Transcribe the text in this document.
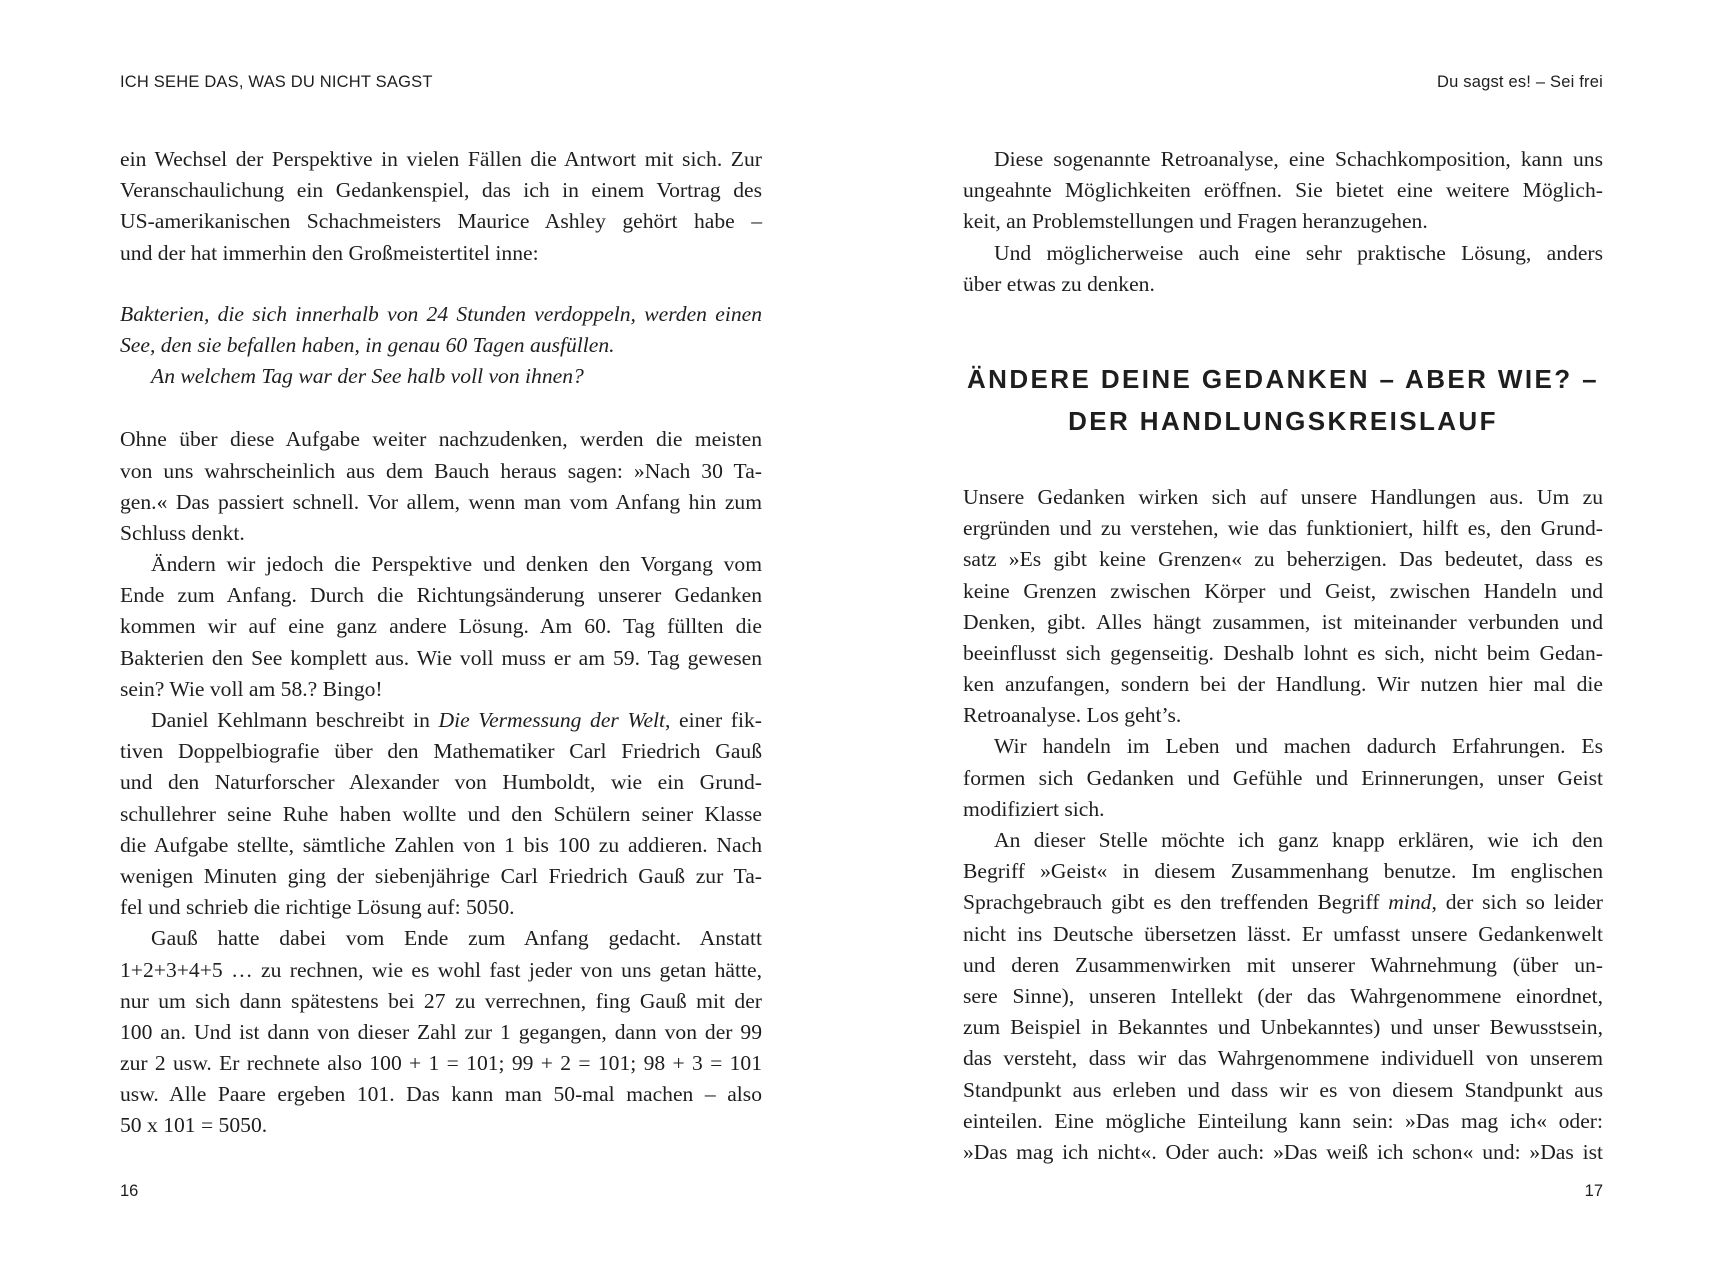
ICH SEHE DAS, WAS DU NICHT SAGST
ein Wechsel der Perspektive in vielen Fällen die Antwort mit sich. Zur
Veranschaulichung ein Gedankenspiel, das ich in einem Vortrag des
US-amerikanischen Schachmeisters Maurice Ashley gehört habe –
und der hat immerhin den Großmeistertitel inne:
Bakterien, die sich innerhalb von 24 Stunden verdoppeln, werden einen
See, den sie befallen haben, in genau 60 Tagen ausfüllen.
An welchem Tag war der See halb voll von ihnen?
Ohne über diese Aufgabe weiter nachzudenken, werden die meisten
von uns wahrscheinlich aus dem Bauch heraus sagen: »Nach 30 Ta-
gen.« Das passiert schnell. Vor allem, wenn man vom Anfang hin zum
Schluss denkt.
Ändern wir jedoch die Perspektive und denken den Vorgang vom
Ende zum Anfang. Durch die Richtungsänderung unserer Gedanken
kommen wir auf eine ganz andere Lösung. Am 60. Tag füllten die
Bakterien den See komplett aus. Wie voll muss er am 59. Tag gewesen
sein? Wie voll am 58.? Bingo!
Daniel Kehlmann beschreibt in Die Vermessung der Welt, einer fik-
tiven Doppelbiografie über den Mathematiker Carl Friedrich Gauß
und den Naturforscher Alexander von Humboldt, wie ein Grund-
schullehrer seine Ruhe haben wollte und den Schülern seiner Klasse
die Aufgabe stellte, sämtliche Zahlen von 1 bis 100 zu addieren. Nach
wenigen Minuten ging der siebenjährige Carl Friedrich Gauß zur Ta-
fel und schrieb die richtige Lösung auf: 5050.
Gauß hatte dabei vom Ende zum Anfang gedacht. Anstatt
1+2+3+4+5 … zu rechnen, wie es wohl fast jeder von uns getan hätte,
nur um sich dann spätestens bei 27 zu verrechnen, fing Gauß mit der
100 an. Und ist dann von dieser Zahl zur 1 gegangen, dann von der 99
zur 2 usw. Er rechnete also 100 + 1 = 101; 99 + 2 = 101; 98 + 3 = 101
usw. Alle Paare ergeben 101. Das kann man 50-mal machen – also
50 x 101 = 5050.
16
Du sagst es! – Sei frei
Diese sogenannte Retroanalyse, eine Schachkomposition, kann uns
ungeahnte Möglichkeiten eröffnen. Sie bietet eine weitere Möglich-
keit, an Problemstellungen und Fragen heranzugehen.
Und möglicherweise auch eine sehr praktische Lösung, anders
über etwas zu denken.
ÄNDERE DEINE GEDANKEN – ABER WIE? –
DER HANDLUNGSKREISLAUF
Unsere Gedanken wirken sich auf unsere Handlungen aus. Um zu
ergründen und zu verstehen, wie das funktioniert, hilft es, den Grund-
satz »Es gibt keine Grenzen« zu beherzigen. Das bedeutet, dass es
keine Grenzen zwischen Körper und Geist, zwischen Handeln und
Denken, gibt. Alles hängt zusammen, ist miteinander verbunden und
beeinflusst sich gegenseitig. Deshalb lohnt es sich, nicht beim Gedan-
ken anzufangen, sondern bei der Handlung. Wir nutzen hier mal die
Retroanalyse. Los geht’s.
Wir handeln im Leben und machen dadurch Erfahrungen. Es
formen sich Gedanken und Gefühle und Erinnerungen, unser Geist
modifiziert sich.
An dieser Stelle möchte ich ganz knapp erklären, wie ich den
Begriff »Geist« in diesem Zusammenhang benutze. Im englischen
Sprachgebrauch gibt es den treffenden Begriff mind, der sich so leider
nicht ins Deutsche übersetzen lässt. Er umfasst unsere Gedankenwelt
und deren Zusammenwirken mit unserer Wahrnehmung (über un-
sere Sinne), unseren Intellekt (der das Wahrgenommene einordnet,
zum Beispiel in Bekanntes und Unbekanntes) und unser Bewusstsein,
das versteht, dass wir das Wahrgenommene individuell von unserem
Standpunkt aus erleben und dass wir es von diesem Standpunkt aus
einteilen. Eine mögliche Einteilung kann sein: »Das mag ich« oder:
»Das mag ich nicht«. Oder auch: »Das weiß ich schon« und: »Das ist
17
